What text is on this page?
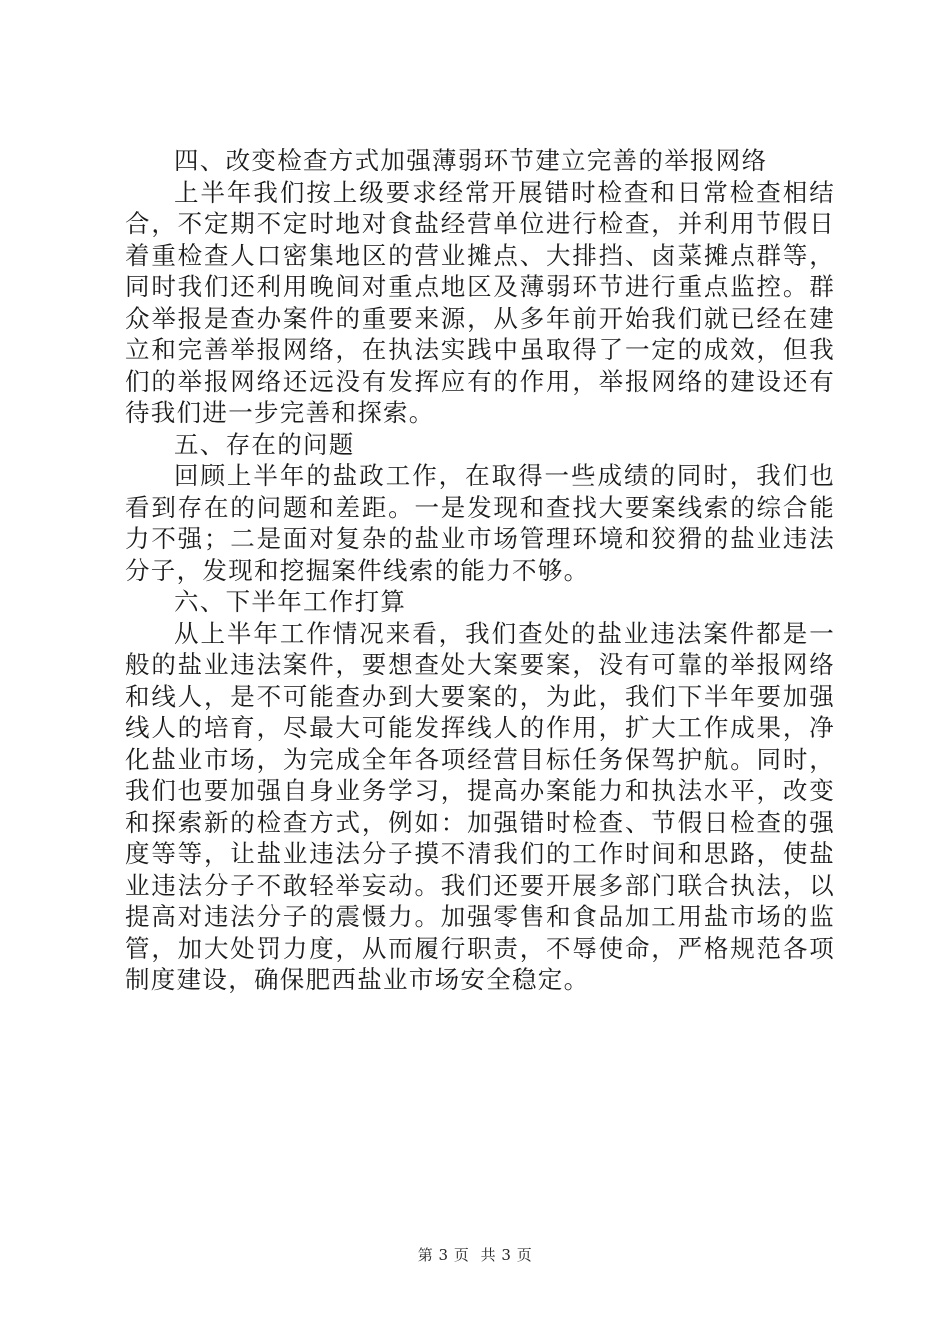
四、改变检查方式加强薄弱环节建立完善的举报网络

上半年我们按上级要求经常开展错时检查和日常检查相结合，不定期不定时地对食盐经营单位进行检查，并利用节假日着重检查人口密集地区的营业摊点、大排挡、卤菜摊点群等，同时我们还利用晚间对重点地区及薄弱环节进行重点监控。群众举报是查办案件的重要来源，从多年前开始我们就已经在建立和完善举报网络，在执法实践中虽取得了一定的成效，但我们的举报网络还远没有发挥应有的作用，举报网络的建设还有待我们进一步完善和探索。

五、存在的问题

回顾上半年的盐政工作，在取得一些成绩的同时，我们也看到存在的问题和差距。一是发现和查找大要案线索的综合能力不强；二是面对复杂的盐业市场管理环境和狡猾的盐业违法分子，发现和挖掘案件线索的能力不够。

六、下半年工作打算

从上半年工作情况来看，我们查处的盐业违法案件都是一般的盐业违法案件，要想查处大案要案，没有可靠的举报网络和线人，是不可能查办到大要案的，为此，我们下半年要加强线人的培育，尽最大可能发挥线人的作用，扩大工作成果，净化盐业市场，为完成全年各项经营目标任务保驾护航。同时，我们也要加强自身业务学习，提高办案能力和执法水平，改变和探索新的检查方式，例如：加强错时检查、节假日检查的强度等等，让盐业违法分子摸不清我们的工作时间和思路，使盐业违法分子不敢轻举妄动。我们还要开展多部门联合执法，以提高对违法分子的震慑力。加强零售和食品加工用盐市场的监管，加大处罚力度，从而履行职责，不辱使命，严格规范各项制度建设，确保肥西盐业市场安全稳定。

第 3 页 共 3 页
